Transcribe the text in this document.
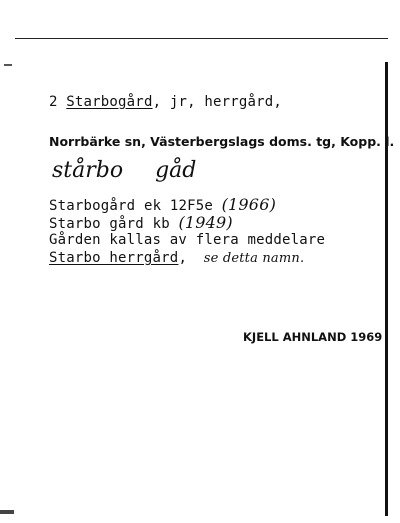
2 Starbogård, jr, herrgård,
Norrbärke sn, Västerbergslags doms. tg, Kopp. l.
stårbo gåd
Starbogård ek 12F5e (1966)
Starbo gård kb (1949)
Gården kallas av flera meddelare
Starbo herrgård, se detta namn.
KJELL AHNLAND 1969
